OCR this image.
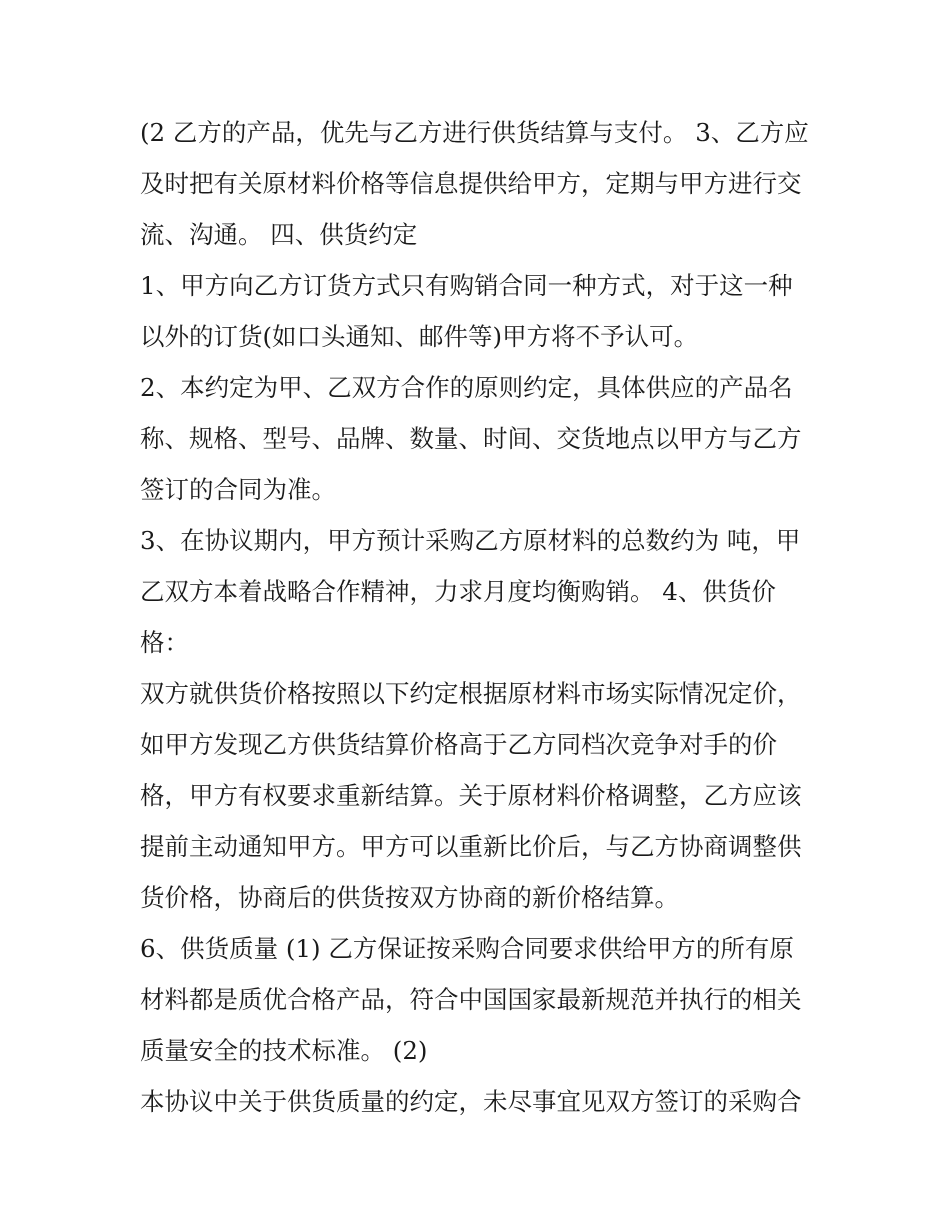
(2 乙方的产品，优先与乙方进行供货结算与支付。 3、乙方应
及时把有关原材料价格等信息提供给甲方，定期与甲方进行交
流、沟通。 四、供货约定
1、甲方向乙方订货方式只有购销合同一种方式，对于这一种
以外的订货(如口头通知、邮件等)甲方将不予认可。
2、本约定为甲、乙双方合作的原则约定，具体供应的产品名
称、规格、型号、品牌、数量、时间、交货地点以甲方与乙方
签订的合同为准。
3、在协议期内，甲方预计采购乙方原材料的总数约为 吨，甲
乙双方本着战略合作精神，力求月度均衡购销。 4、供货价
格：
双方就供货价格按照以下约定根据原材料市场实际情况定价，
如甲方发现乙方供货结算价格高于乙方同档次竞争对手的价
格，甲方有权要求重新结算。关于原材料价格调整，乙方应该
提前主动通知甲方。甲方可以重新比价后，与乙方协商调整供
货价格，协商后的供货按双方协商的新价格结算。
6、供货质量 (1) 乙方保证按采购合同要求供给甲方的所有原
材料都是质优合格产品，符合中国国家最新规范并执行的相关
质量安全的技术标准。 (2)
本协议中关于供货质量的约定，未尽事宜见双方签订的采购合
